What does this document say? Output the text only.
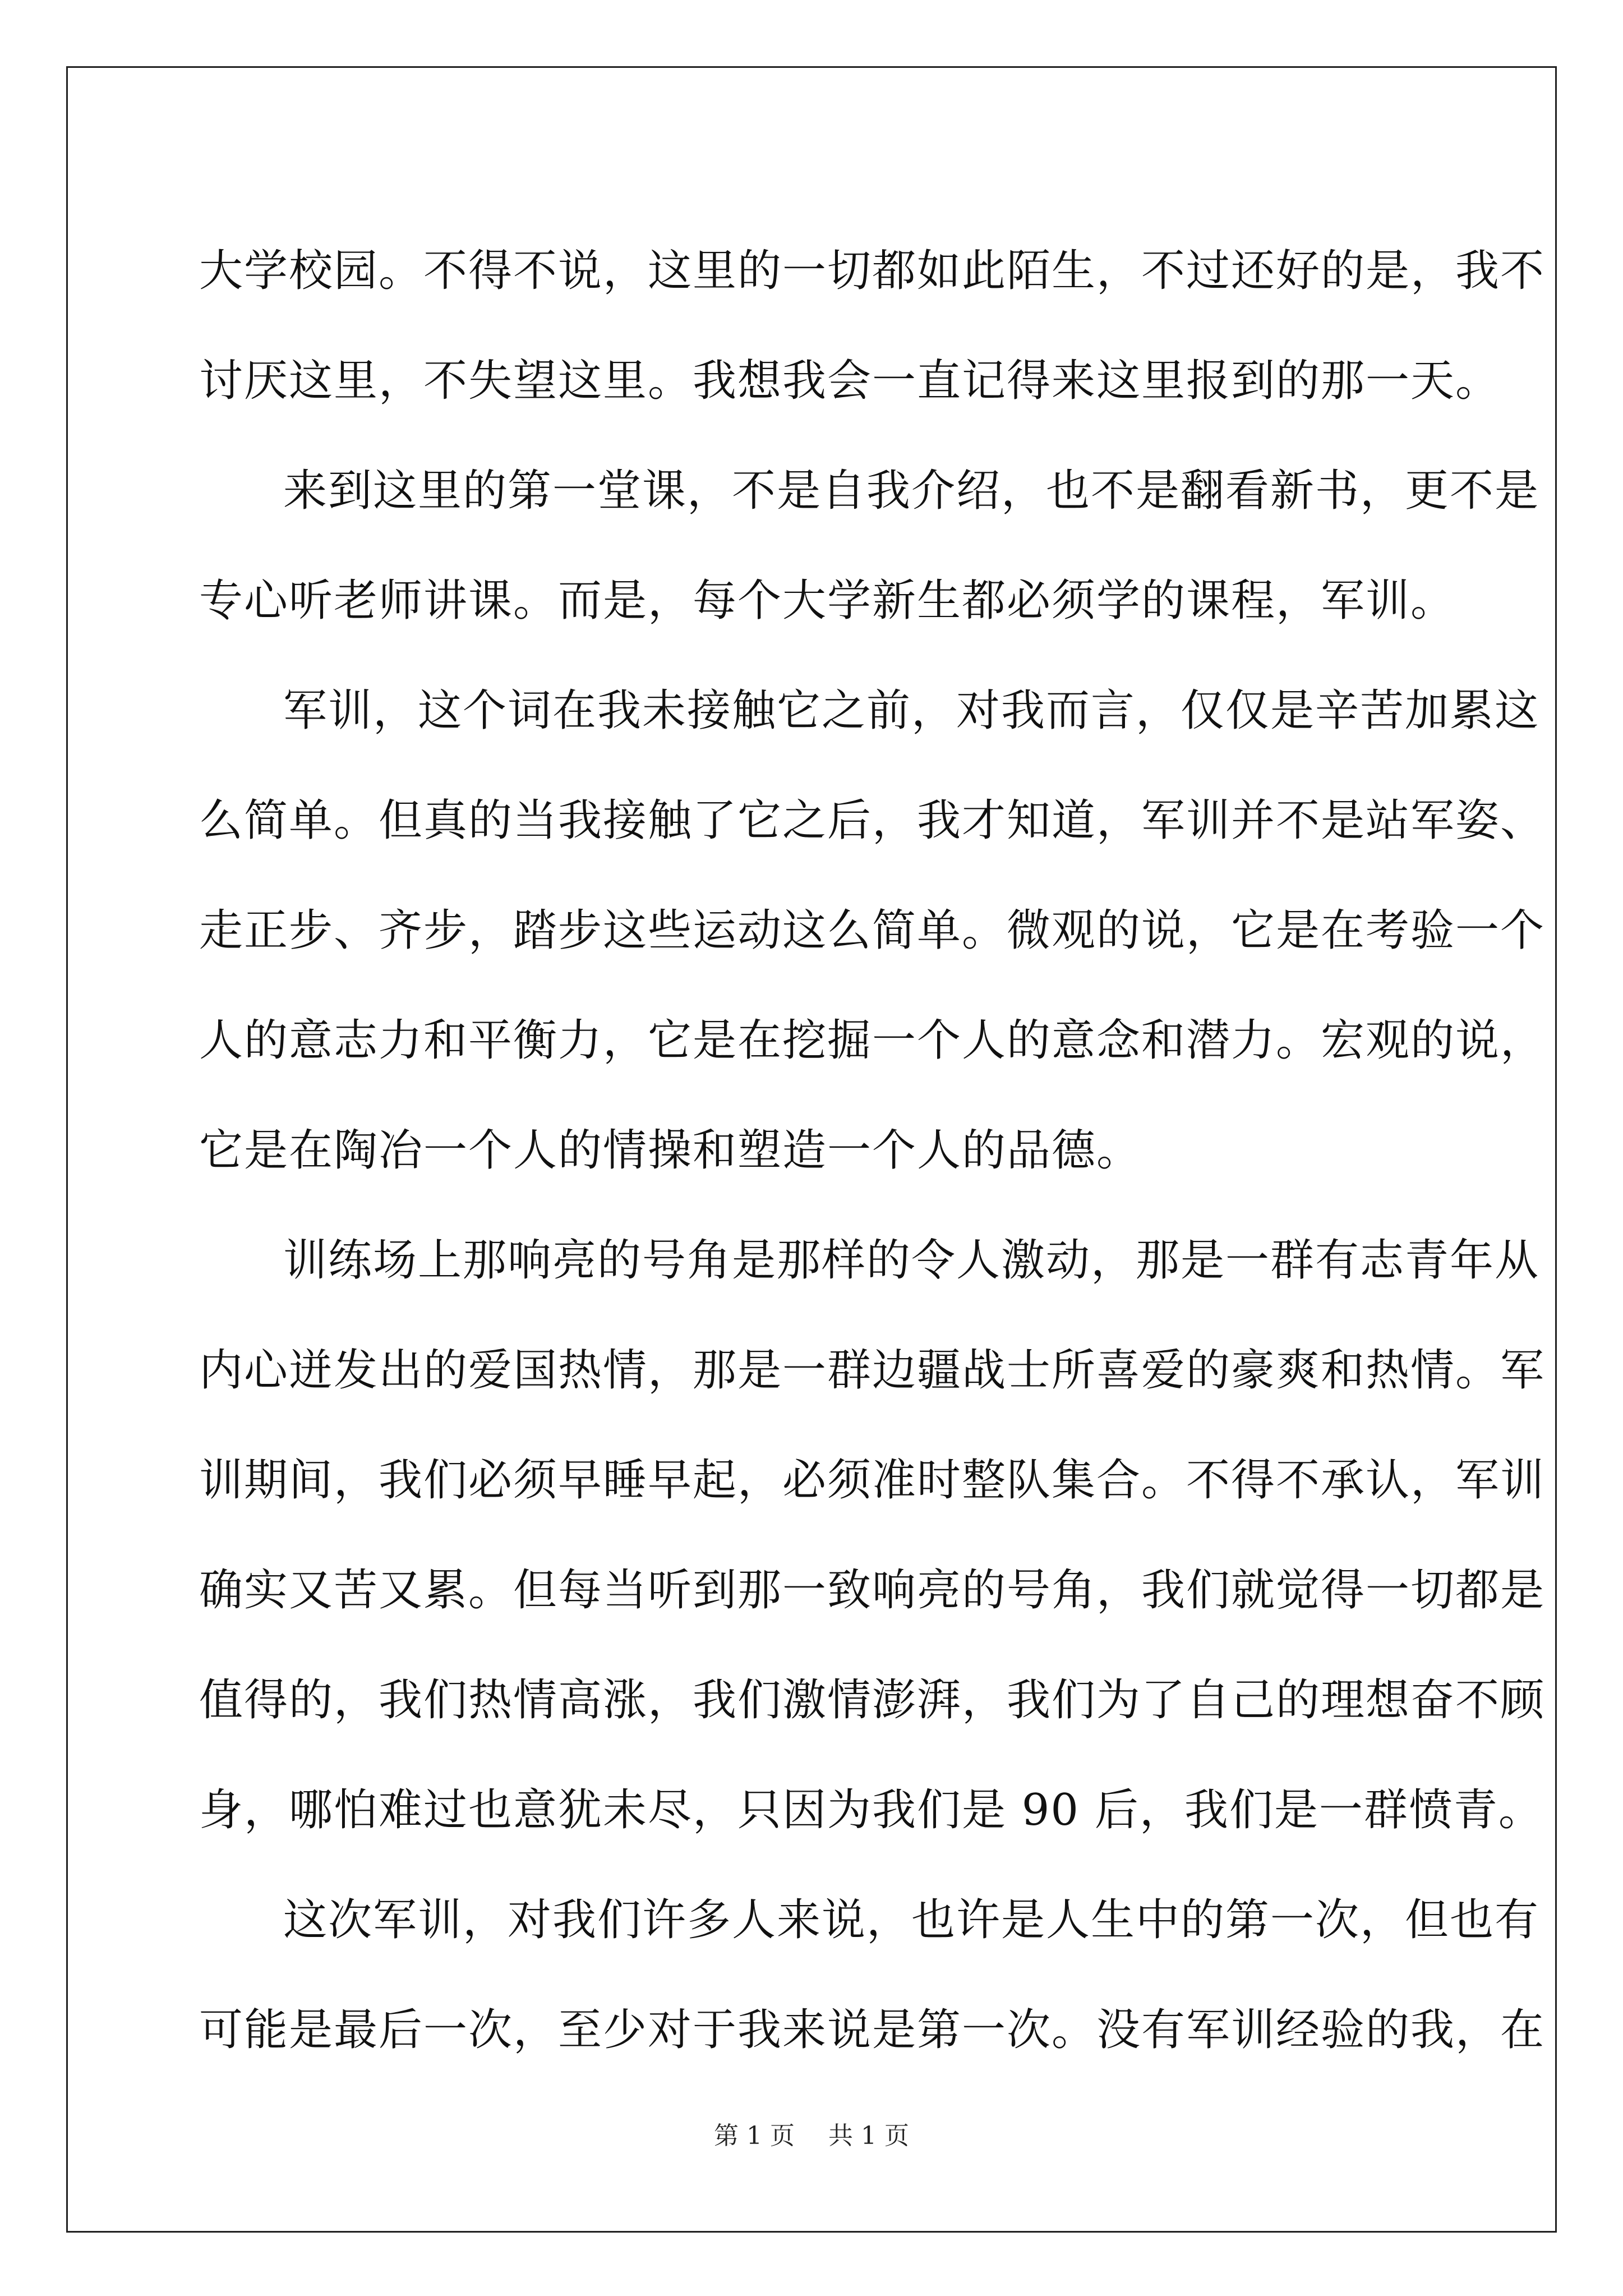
大学校园。不得不说，这里的一切都如此陌生，不过还好的是，我不
讨厌这里，不失望这里。我想我会一直记得来这里报到的那一天。
来到这里的第一堂课，不是自我介绍，也不是翻看新书，更不是
专心听老师讲课。而是，每个大学新生都必须学的课程，军训。
军训，这个词在我未接触它之前，对我而言，仅仅是辛苦加累这
么简单。但真的当我接触了它之后，我才知道，军训并不是站军姿、
走正步、齐步，踏步这些运动这么简单。微观的说，它是在考验一个
人的意志力和平衡力，它是在挖掘一个人的意念和潜力。宏观的说，
它是在陶冶一个人的情操和塑造一个人的品德。
训练场上那响亮的号角是那样的令人激动，那是一群有志青年从
内心迸发出的爱国热情，那是一群边疆战士所喜爱的豪爽和热情。军
训期间，我们必须早睡早起，必须准时整队集合。不得不承认，军训
确实又苦又累。但每当听到那一致响亮的号角，我们就觉得一切都是
值得的，我们热情高涨，我们激情澎湃，我们为了自己的理想奋不顾
身，哪怕难过也意犹未尽，只因为我们是 90 后，我们是一群愤青。
这次军训，对我们许多人来说，也许是人生中的第一次，但也有
可能是最后一次，至少对于我来说是第一次。没有军训经验的我，在
第 1 页 共 1 页
